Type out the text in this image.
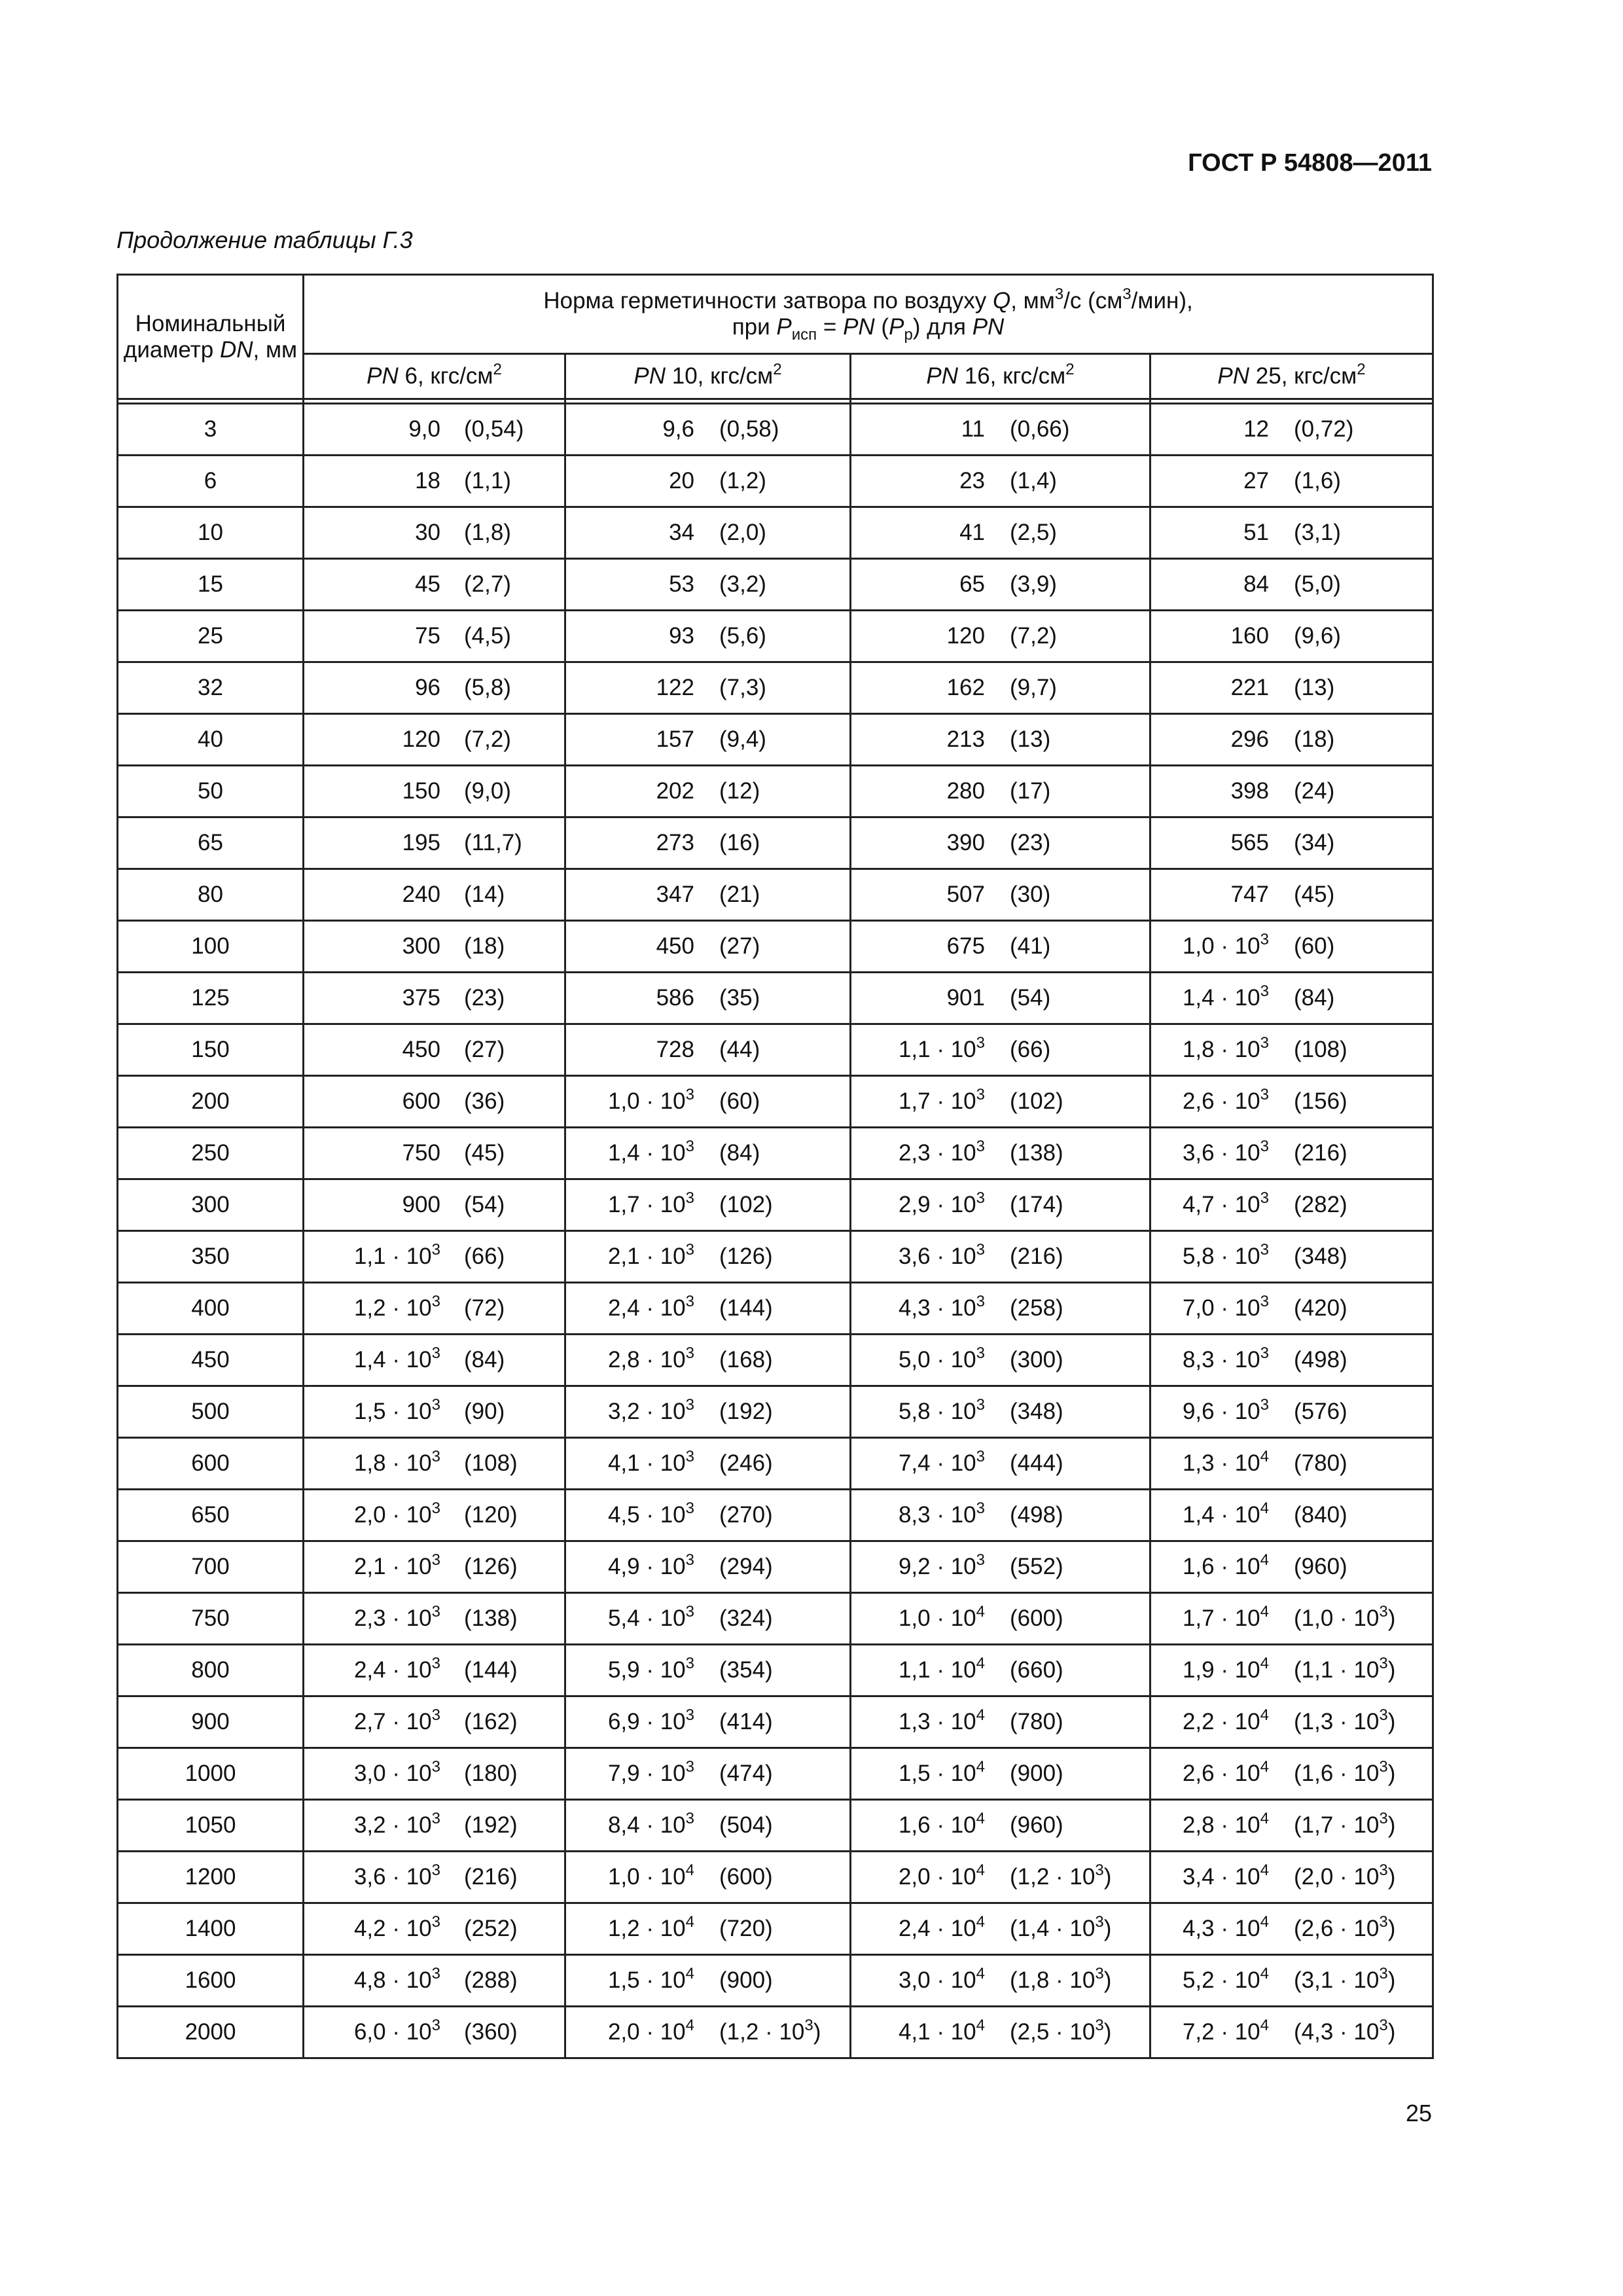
ГОСТ Р 54808—2011
Продолжение таблицы Г.3
Номинальный
диаметр DN, мм	Норма герметичности затвора по воздуху Q, $мм^3/с$ $(см^3/мин)$,
при $P_{исп}$ = PN $(P_р)$ для PN			
	PN 6, кгс/$см^2$	PN 10, кгс/$см^2$	PN 16, кгс/$см^2$	PN 25, кгс/$см^2$

3	9,0 (0,54)	9,6 (0,58)	11 (0,66)	12 (0,72)

6	18 (1,1)	20 (1,2)	23 (1,4)	27 (1,6)

10	30 (1,8)	34 (2,0)	41 (2,5)	51 (3,1)

15	45 (2,7)	53 (3,2)	65 (3,9)	84 (5,0)

25	75 (4,5)	93 (5,6)	120 (7,2)	160 (9,6)

32	96 (5,8)	122 (7,3)	162 (9,7)	221 (13)

40	120 (7,2)	157 (9,4)	213 (13)	296 (18)

50	150 (9,0)	202 (12)	280 (17)	398 (24)

65	195 (11,7)	273 (16)	390 (23)	565 (34)

80	240 (14)	347 (21)	507 (30)	747 (45)

100	300 (18)	450 (27)	675 (41)	$1,0 \cdot 10^3$ (60)

125	375 (23)	586 (35)	901 (54)	$1,4 \cdot 10^3$ (84)

150	450 (27)	728 (44)	$1,1 \cdot 10^3$ (66)	$1,8 \cdot 10^3$ (108)

200	600 (36)	$1,0 \cdot 10^3$ (60)	$1,7 \cdot 10^3$ (102)	$2,6 \cdot 10^3$ (156)

250	750 (45)	$1,4 \cdot 10^3$ (84)	$2,3 \cdot 10^3$ (138)	$3,6 \cdot 10^3$ (216)

300	900 (54)	$1,7 \cdot 10^3$ (102)	$2,9 \cdot 10^3$ (174)	$4,7 \cdot 10^3$ (282)

350	$1,1 \cdot 10^3$ (66)	$2,1 \cdot 10^3$ (126)	$3,6 \cdot 10^3$ (216)	$5,8 \cdot 10^3$ (348)

400	$1,2 \cdot 10^3$ (72)	$2,4 \cdot 10^3$ (144)	$4,3 \cdot 10^3$ (258)	$7,0 \cdot 10^3$ (420)

450	$1,4 \cdot 10^3$ (84)	$2,8 \cdot 10^3$ (168)	$5,0 \cdot 10^3$ (300)	$8,3 \cdot 10^3$ (498)

500	$1,5 \cdot 10^3$ (90)	$3,2 \cdot 10^3$ (192)	$5,8 \cdot 10^3$ (348)	$9,6 \cdot 10^3$ (576)

600	$1,8 \cdot 10^3$ (108)	$4,1 \cdot 10^3$ (246)	$7,4 \cdot 10^3$ (444)	$1,3 \cdot 10^4$ (780)

650	$2,0 \cdot 10^3$ (120)	$4,5 \cdot 10^3$ (270)	$8,3 \cdot 10^3$ (498)	$1,4 \cdot 10^4$ (840)

700	$2,1 \cdot 10^3$ (126)	$4,9 \cdot 10^3$ (294)	$9,2 \cdot 10^3$ (552)	$1,6 \cdot 10^4$ (960)

750	$2,3 \cdot 10^3$ (138)	$5,4 \cdot 10^3$ (324)	$1,0 \cdot 10^4$ (600)	$1,7 \cdot 10^4$ $(1,0 \cdot 10^3)$

800	$2,4 \cdot 10^3$ (144)	$5,9 \cdot 10^3$ (354)	$1,1 \cdot 10^4$ (660)	$1,9 \cdot 10^4$ $(1,1 \cdot 10^3)$

900	$2,7 \cdot 10^3$ (162)	$6,9 \cdot 10^3$ (414)	$1,3 \cdot 10^4$ (780)	$2,2 \cdot 10^4$ $(1,3 \cdot 10^3)$

1000	$3,0 \cdot 10^3$ (180)	$7,9 \cdot 10^3$ (474)	$1,5 \cdot 10^4$ (900)	$2,6 \cdot 10^4$ $(1,6 \cdot 10^3)$

1050	$3,2 \cdot 10^3$ (192)	$8,4 \cdot 10^3$ (504)	$1,6 \cdot 10^4$ (960)	$2,8 \cdot 10^4$ $(1,7 \cdot 10^3)$

1200	$3,6 \cdot 10^3$ (216)	$1,0 \cdot 10^4$ (600)	$2,0 \cdot 10^4$ $(1,2 \cdot 10^3)$	$3,4 \cdot 10^4$ $(2,0 \cdot 10^3)$

1400	$4,2 \cdot 10^3$ (252)	$1,2 \cdot 10^4$ (720)	$2,4 \cdot 10^4$ $(1,4 \cdot 10^3)$	$4,3 \cdot 10^4$ $(2,6 \cdot 10^3)$

1600	$4,8 \cdot 10^3$ (288)	$1,5 \cdot 10^4$ (900)	$3,0 \cdot 10^4$ $(1,8 \cdot 10^3)$	$5,2 \cdot 10^4$ $(3,1 \cdot 10^3)$

2000	$6,0 \cdot 10^3$ (360)	$2,0 \cdot 10^4$ $(1,2 \cdot 10^3)$	$4,1 \cdot 10^4$ $(2,5 \cdot 10^3)$	$7,2 \cdot 10^4$ $(4,3 \cdot 10^3)$
25
